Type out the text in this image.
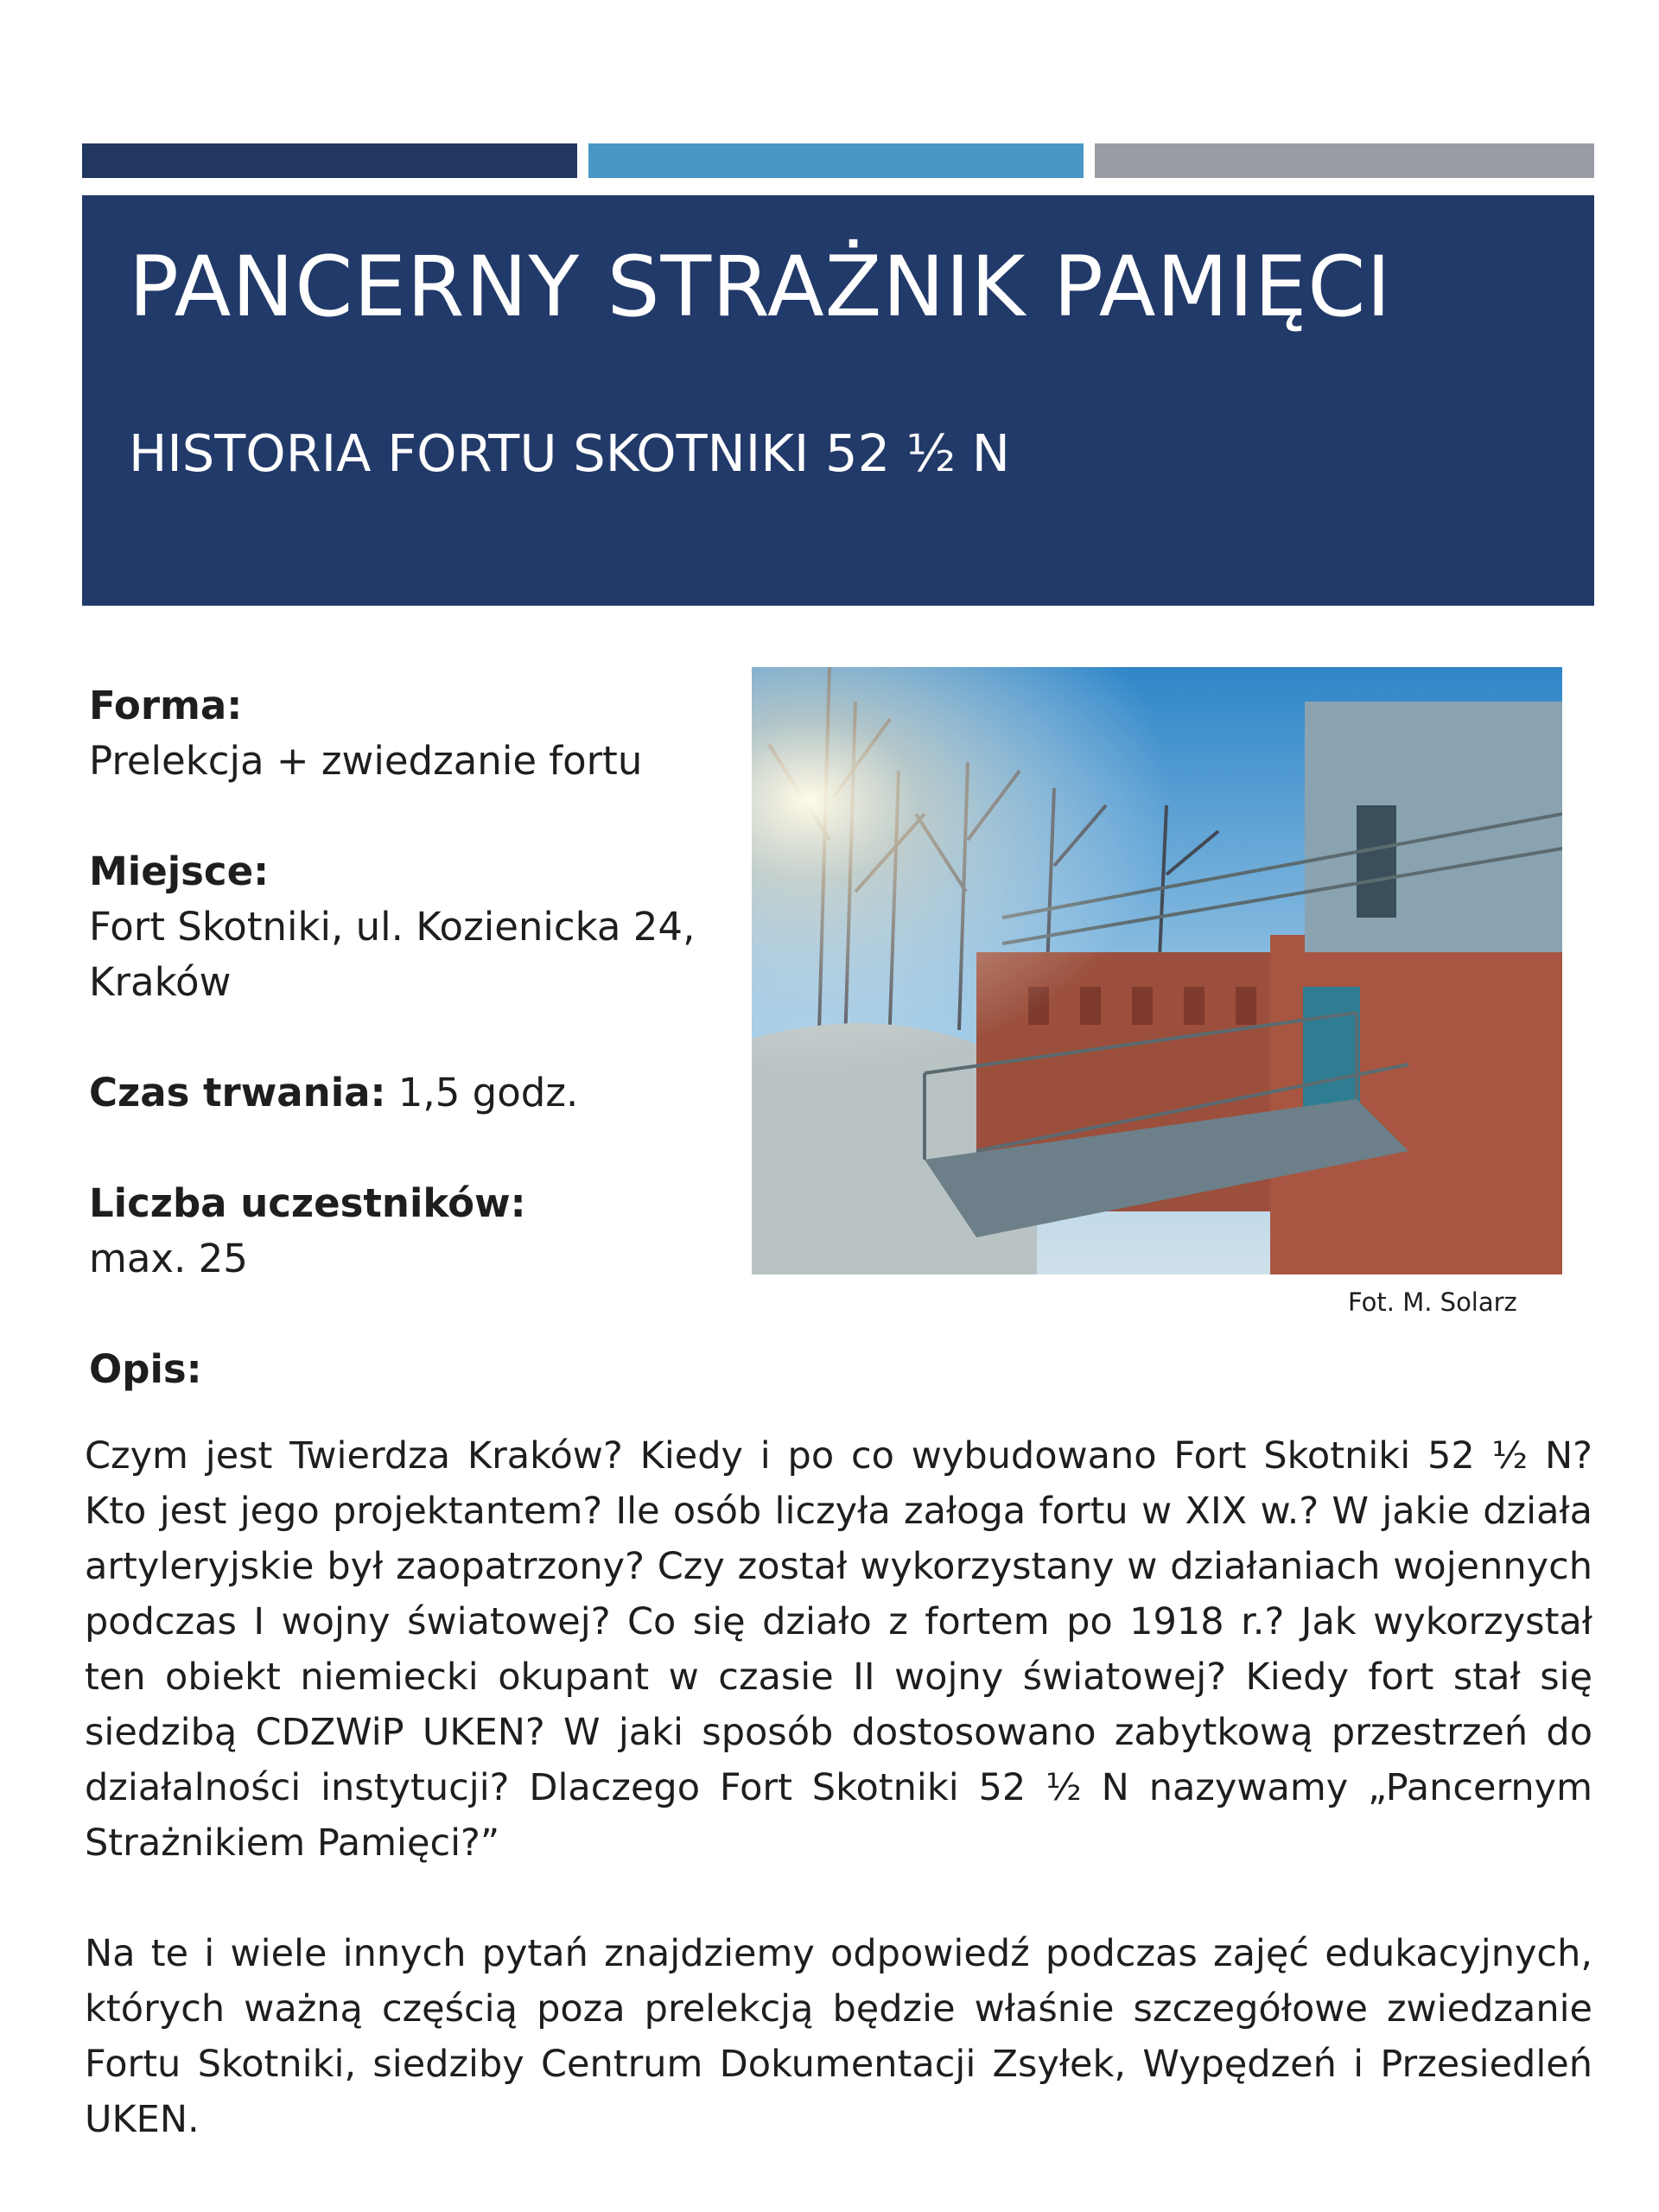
PANCERNY STRAŻNIK PAMIĘCI
HISTORIA FORTU SKOTNIKI 52 ½ N
Forma:
Prelekcja + zwiedzanie fortu
Miejsce:
Fort Skotniki, ul. Kozienicka 24,
Kraków
Czas trwania: 1,5 godz.
Liczba uczestników:
max. 25
Fot. M. Solarz
Opis:

Czym jest Twierdza Kraków? Kiedy i po co wybudowano Fort Skotniki 52 ½ N? Kto jest jego projektantem? Ile osób liczyła załoga fortu w XIX w.? W jakie działa artyleryjskie był zaopatrzony? Czy został wykorzystany w działaniach wojennych podczas I wojny światowej? Co się działo z fortem po 1918 r.? Jak wykorzystał ten obiekt niemiecki okupant w czasie II wojny światowej? Kiedy fort stał się siedzibą CDZWiP UKEN? W jaki sposób dostosowano zabytkową przestrzeń do działalności instytucji? Dlaczego Fort Skotniki 52 ½ N nazywamy „Pancernym Strażnikiem Pamięci?”

Na te i wiele innych pytań znajdziemy odpowiedź podczas zajęć edukacyjnych, których ważną częścią poza prelekcją będzie właśnie szczegółowe zwiedzanie Fortu Skotniki, siedziby Centrum Dokumentacji Zsyłek, Wypędzeń i Przesiedleń UKEN.
